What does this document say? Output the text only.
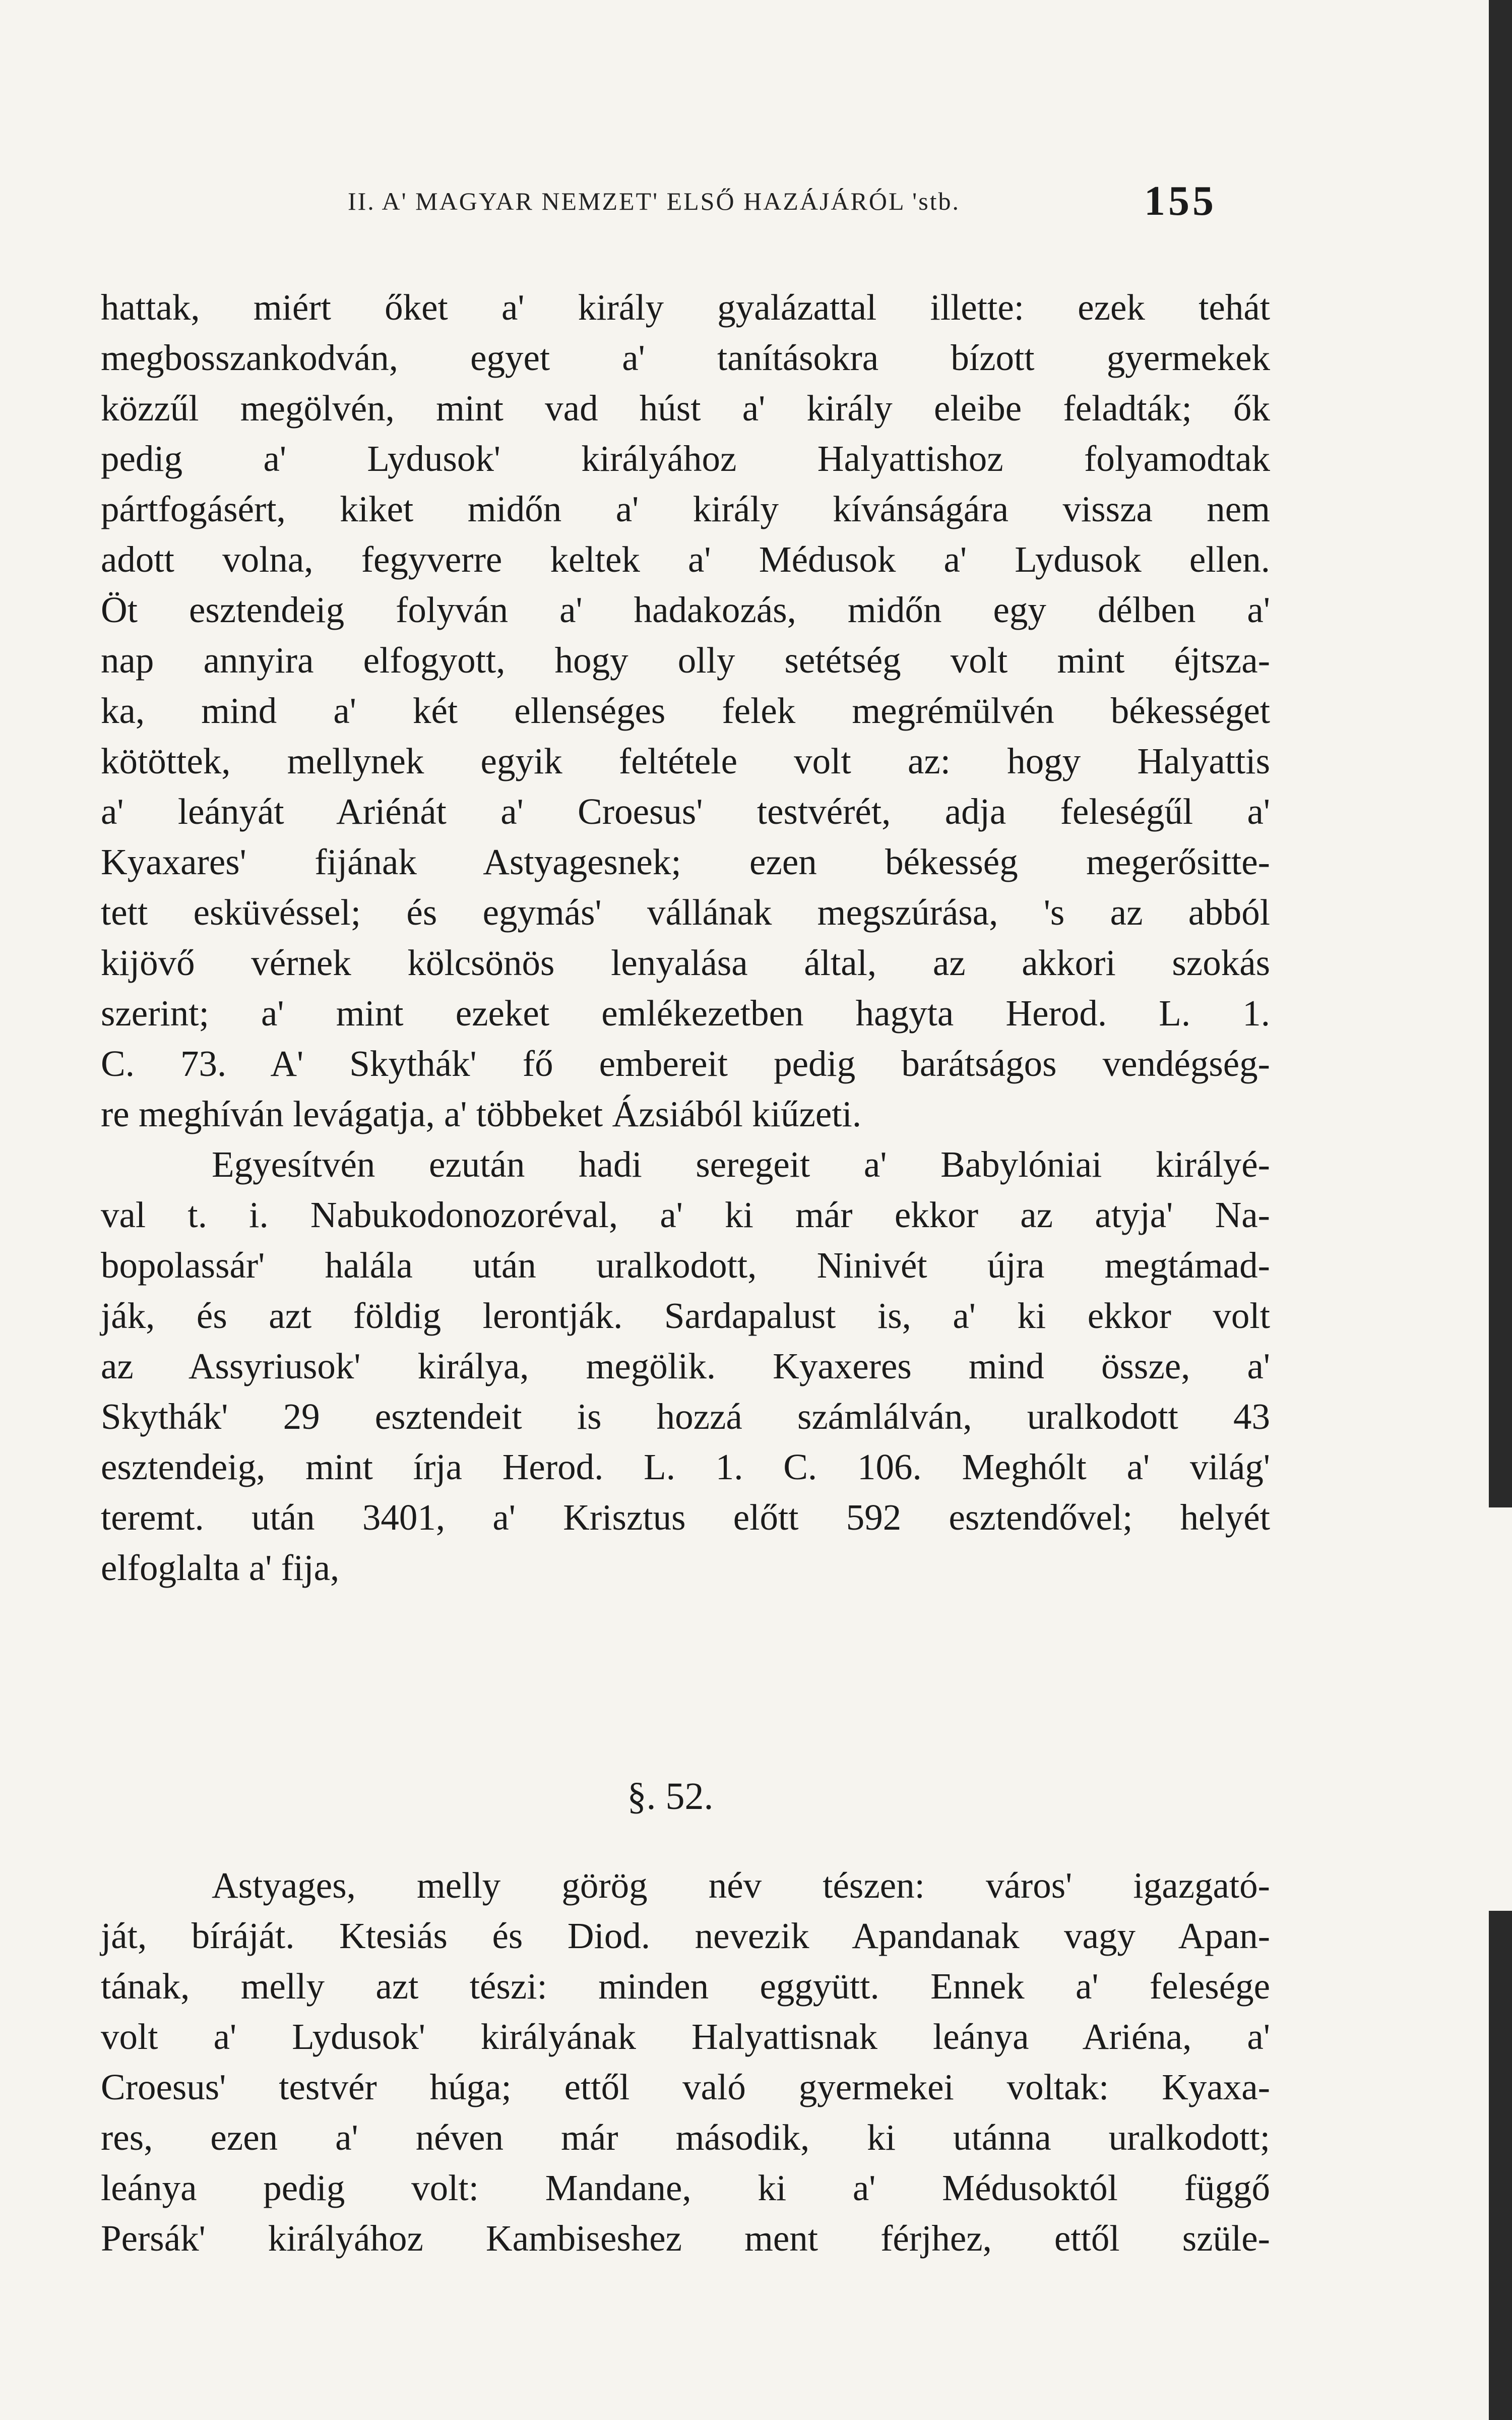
II. A' MAGYAR NEMZET' ELSŐ HAZÁJÁRÓL 'stb.	155
hattak, miért őket a' király gyalázattal illette: ezek tehát
megbosszankodván, egyet a' tanításokra bízott gyermekek
közzűl megölvén, mint vad húst a' király eleibe feladták; ők
pedig a' Lydusok' királyához Halyattishoz folyamodtak
pártfogásért, kiket midőn a' király kívánságára vissza nem
adott volna, fegyverre keltek a' Médusok a' Lydusok ellen.
Öt esztendeig folyván a' hadakozás, midőn egy délben a'
nap annyira elfogyott, hogy olly setétség volt mint éjtsza-
ka, mind a' két ellenséges felek megrémülvén békességet
kötöttek, mellynek egyik feltétele volt az: hogy Halyattis
a' leányát Ariénát a' Croesus' testvérét, adja feleségűl a'
Kyaxares' fijának Astyagesnek; ezen békesség megerősitte-
tett esküvéssel; és egymás' vállának megszúrása, 's az abból
kijövő vérnek kölcsönös lenyalása által, az akkori szokás
szerint; a' mint ezeket emlékezetben hagyta Herod. L. 1.
C. 73. A' Skythák' fő embereit pedig barátságos vendégség-
re meghíván levágatja, a' többeket Ázsiából kiűzeti.
Egyesítvén ezután hadi seregeit a' Babylóniai királyé-
val t. i. Nabukodonozoréval, a' ki már ekkor az atyja' Na-
bopolassár' halála után uralkodott, Ninivét újra megtámad-
ják, és azt földig lerontják. Sardapalust is, a' ki ekkor volt
az Assyriusok' királya, megölik. Kyaxeres mind össze, a'
Skythák' 29 esztendeit is hozzá számlálván, uralkodott 43
esztendeig, mint írja Herod. L. 1. C. 106. Meghólt a' világ'
teremt. után 3401, a' Krisztus előtt 592 esztendővel; helyét
elfoglalta a' fija,
§. 52.
Astyages, melly görög név tészen: város' igazgató-
ját, bíráját. Ktesiás és Diod. nevezik Apandanak vagy Apan-
tának, melly azt tészi: minden eggyütt. Ennek a' felesége
volt a' Lydusok' királyának Halyattisnak leánya Ariéna, a'
Croesus' testvér húga; ettől való gyermekei voltak: Kyaxa-
res, ezen a' néven már második, ki utánna uralkodott;
leánya pedig volt: Mandane, ki a' Médusoktól függő
Persák' királyához Kambiseshez ment férjhez, ettől szüle-
